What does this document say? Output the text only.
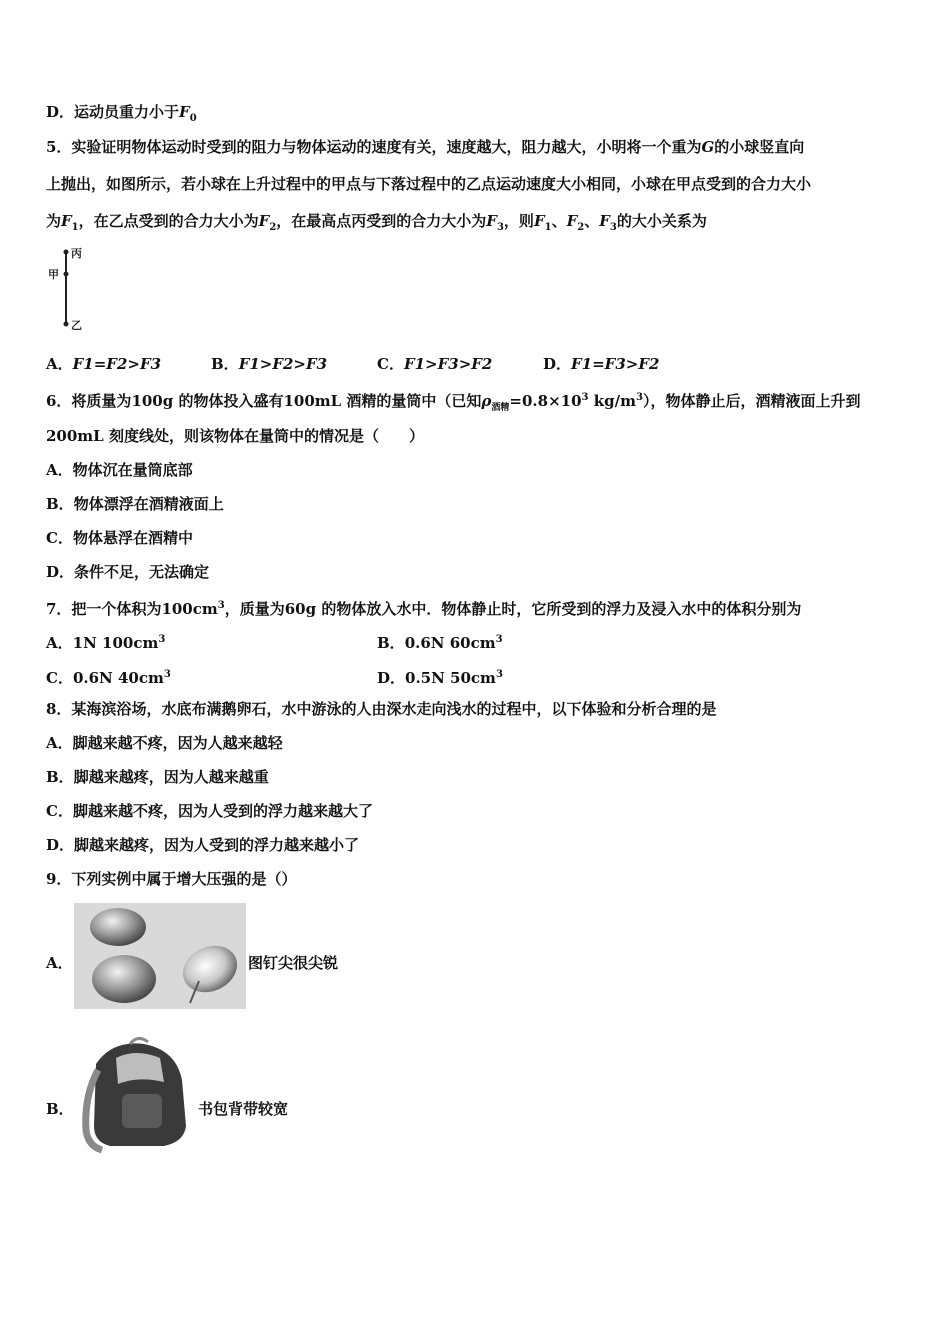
D．运动员重力小于$F_0$
5．实验证明物体运动时受到的阻力与物体运动的速度有关，速度越大，阻力越大，小明将一个重为G的小球竖直向
上抛出，如图所示，若小球在上升过程中的甲点与下落过程中的乙点运动速度大小相同，小球在甲点受到的合力大小
为$F_1$，在乙点受到的合力大小为$F_2$，在最高点丙受到的合力大小为$F_3$，则$F_1$、$F_2$、$F_3$的大小关系为
丙
甲
乙
A．F1=F2>F3	B．F1>F2>F3	C．F1>F3>F2	D．F1=F3>F2
6．将质量为100g 的物体投入盛有100mL 酒精的量筒中（已知$\rho_{酒精}=0.8\times 10^3$ $kg/m^3$），物体静止后，酒精液面上升到
200mL 刻度线处，则该物体在量筒中的情况是（　　）
A．物体沉在量筒底部
B．物体漂浮在酒精液面上
C．物体悬浮在酒精中
D．条件不足，无法确定
7．把一个体积为$100cm^3$，质量为60g 的物体放入水中．物体静止时，它所受到的浮力及浸入水中的体积分别为
A．1N $100cm^3$	B．0.6N $60cm^3$
C．0.6N $40cm^3$	D．0.5N $50cm^3$
8．某海滨浴场，水底布满鹅卵石，水中游泳的人由深水走向浅水的过程中，以下体验和分析合理的是
A．脚越来越不疼，因为人越来越轻
B．脚越来越疼，因为人越来越重
C．脚越来越不疼，因为人受到的浮力越来越大了
D．脚越来越疼，因为人受到的浮力越来越小了
9．下列实例中属于增大压强的是（）
A．	图钉尖很尖锐
B．	书包背带较宽
